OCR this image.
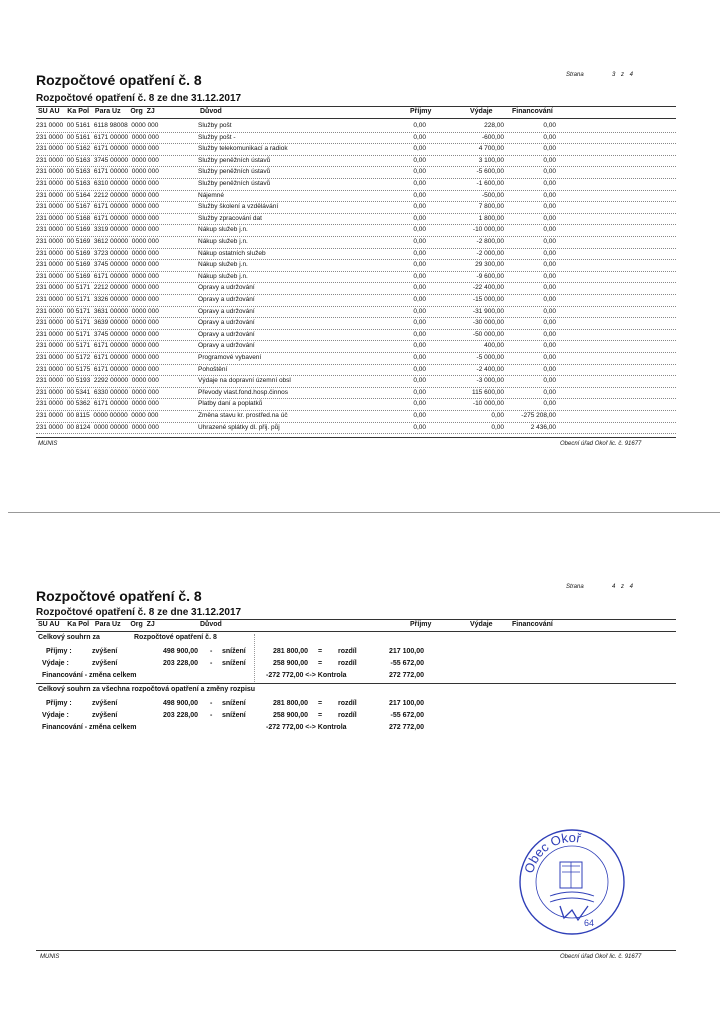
Rozpočtové opatření č. 8	Strana	3 z 4
Rozpočtové opatření č. 8 ze dne 31.12.2017
SU AU    Ka Pol   Para Uz     Org  ZJ	Důvod	Příjmy	Výdaje	Financování
231 0000  00 5161  6118 98008  0000 000	Služby pošt	0,00	228,00	0,00
231 0000  00 5161  6171 00000  0000 000	Služby pošt -	0,00	-600,00	0,00
231 0000  00 5162  6171 00000  0000 000	Služby telekomunikací a radiok	0,00	4 700,00	0,00
231 0000  00 5163  3745 00000  0000 000	Služby peněžních ústavů	0,00	3 100,00	0,00
231 0000  00 5163  6171 00000  0000 000	Služby peněžních ústavů	0,00	-5 600,00	0,00
231 0000  00 5163  6310 00000  0000 000	Služby peněžních ústavů	0,00	-1 600,00	0,00
231 0000  00 5164  2212 00000  0000 000	Nájemné	0,00	-500,00	0,00
231 0000  00 5167  6171 00000  0000 000	Služby školení a vzdělávání	0,00	7 800,00	0,00
231 0000  00 5168  6171 00000  0000 000	Služby zpracování dat	0,00	1 800,00	0,00
231 0000  00 5169  3319 00000  0000 000	Nákup služeb j.n.	0,00	-10 000,00	0,00
231 0000  00 5169  3612 00000  0000 000	Nákup služeb j.n.	0,00	-2 800,00	0,00
231 0000  00 5169  3723 00000  0000 000	Nákup ostatních služeb	0,00	-2 000,00	0,00
231 0000  00 5169  3745 00000  0000 000	Nákup služeb j.n.	0,00	29 300,00	0,00
231 0000  00 5169  6171 00000  0000 000	Nákup služeb j.n.	0,00	-9 600,00	0,00
231 0000  00 5171  2212 00000  0000 000	Opravy a udržování	0,00	-22 400,00	0,00
231 0000  00 5171  3326 00000  0000 000	Opravy a udržování	0,00	-15 000,00	0,00
231 0000  00 5171  3631 00000  0000 000	Opravy a udržování	0,00	-31 900,00	0,00
231 0000  00 5171  3639 00000  0000 000	Opravy a udržování	0,00	-30 000,00	0,00
231 0000  00 5171  3745 00000  0000 000	Opravy a udržování	0,00	-50 000,00	0,00
231 0000  00 5171  6171 00000  0000 000	Opravy a udržování	0,00	400,00	0,00
231 0000  00 5172  6171 00000  0000 000	Programové vybavení	0,00	-5 000,00	0,00
231 0000  00 5175  6171 00000  0000 000	Pohoštění	0,00	-2 400,00	0,00
231 0000  00 5193  2292 00000  0000 000	Výdaje na dopravní územní obsl	0,00	-3 000,00	0,00
231 0000  00 5341  6330 00000  0000 000	Převody vlast.fond.hosp.činnos	0,00	115 600,00	0,00
231 0000  00 5362  6171 00000  0000 000	Platby daní a poplatků	0,00	-10 000,00	0,00
231 0000  00 8115  0000 00000  0000 000	Změna stavu kr. prostřed.na úč	0,00	0,00	-275 208,00
231 0000  00 8124  0000 00000  0000 000	Uhrazené splátky dl. přij. půj	0,00	0,00	2 436,00
MUNIS	Obecní úřad Okoř lic. č. 91677
Rozpočtové opatření č. 8
Strana	4 z 4
Rozpočtové opatření č. 8 ze dne 31.12.2017
SU AU    Ka Pol   Para Uz     Org  ZJ	Důvod	Příjmy	Výdaje	Financování
Celkový souhrn za	Rozpočtové opatření č. 8
Příjmy :	zvýšení	498 900,00 - snížení	281 800,00 = rozdíl	217 100,00
Výdaje :	zvýšení	203 228,00 - snížení	258 900,00 = rozdíl	-55 672,00
Financování - změna celkem	-272 772,00 <-> Kontrola	272 772,00
Celkový souhrn za všechna rozpočtová opatření a změny rozpisu
Příjmy :	zvýšení	498 900,00 - snížení	281 800,00 = rozdíl	217 100,00
Výdaje :	zvýšení	203 228,00 - snížení	258 900,00 = rozdíl	-55 672,00
Financování - změna celkem	-272 772,00 <-> Kontrola	272 772,00
Obec Okoř
64
MUNIS	Obecní úřad Okoř lic. č. 91677
